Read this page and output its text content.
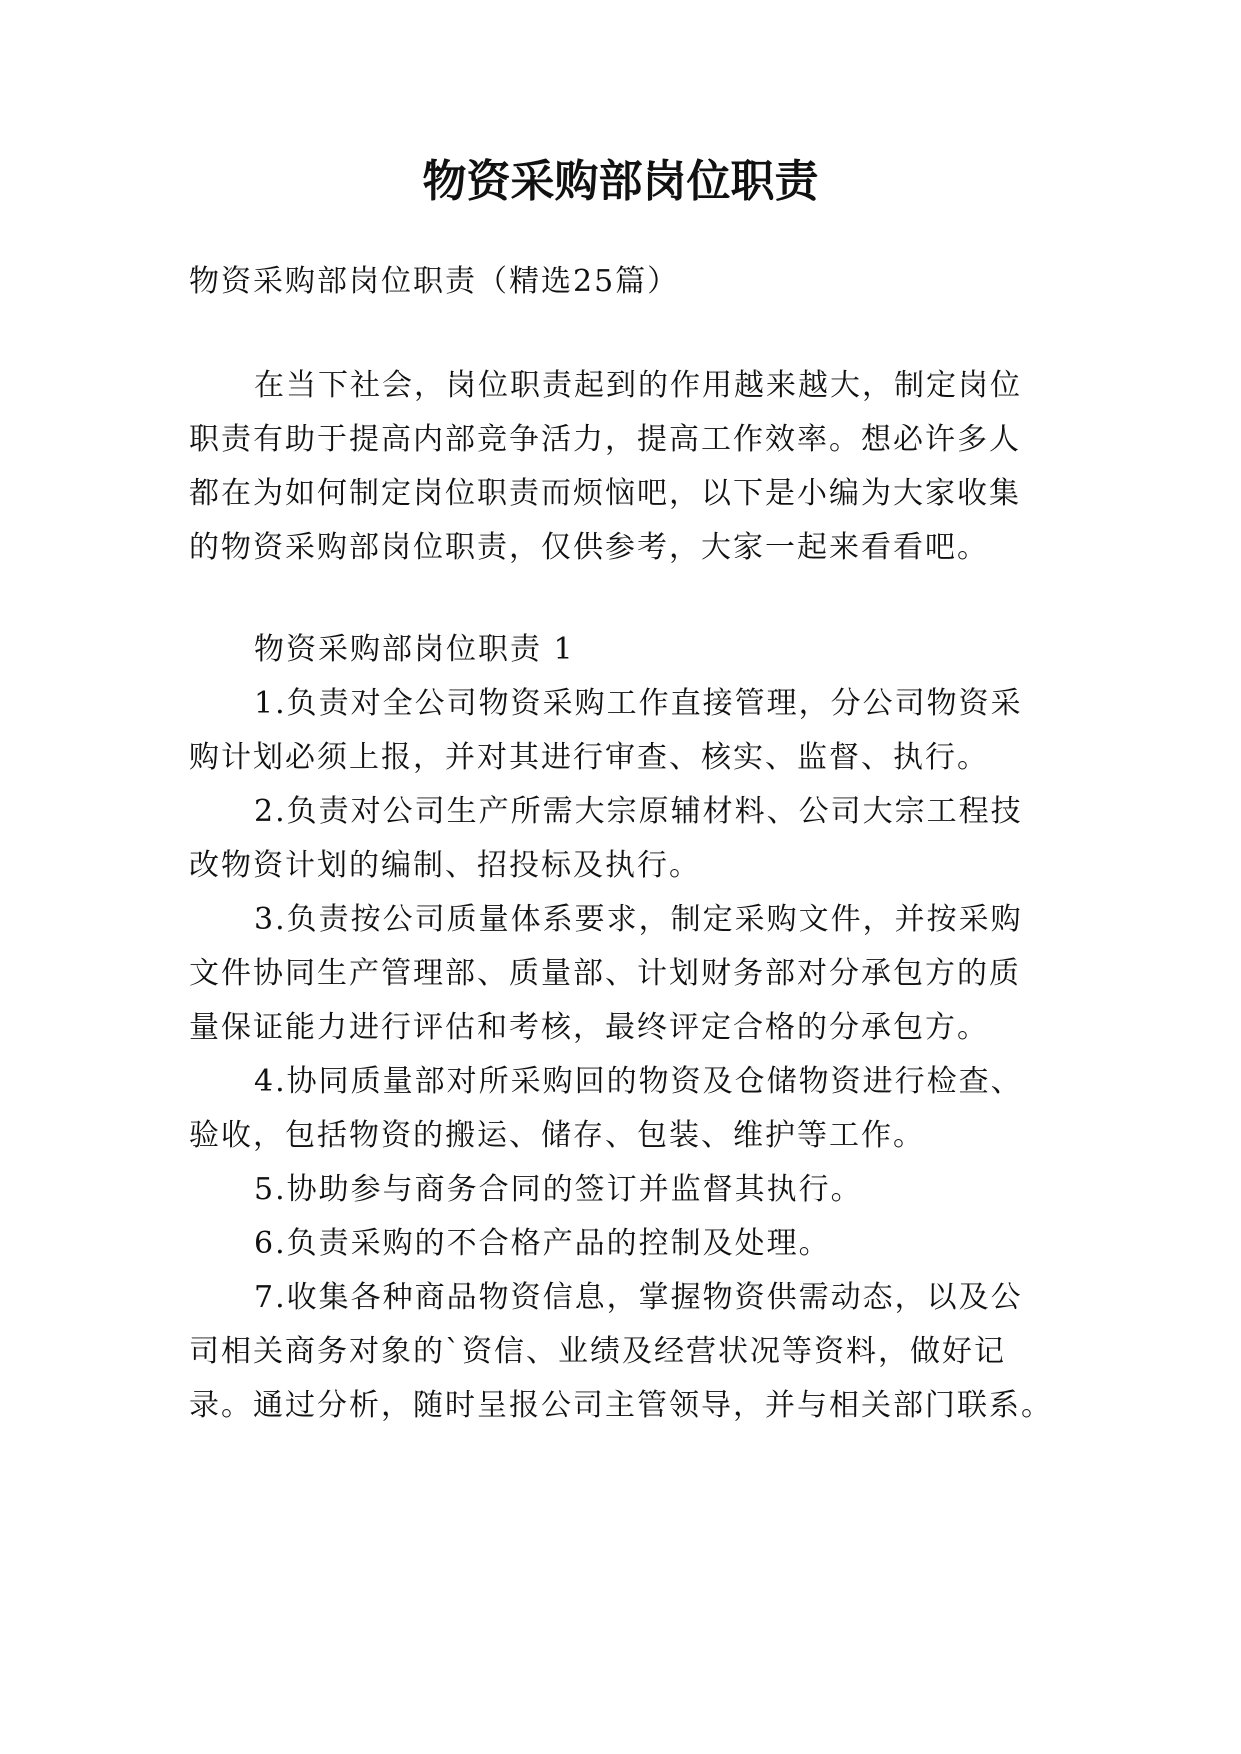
物资采购部岗位职责
物资采购部岗位职责（精选25篇）
在当下社会，岗位职责起到的作用越来越大，制定岗位
职责有助于提高内部竞争活力，提高工作效率。想必许多人
都在为如何制定岗位职责而烦恼吧，以下是小编为大家收集
的物资采购部岗位职责，仅供参考，大家一起来看看吧。
物资采购部岗位职责 1
1.负责对全公司物资采购工作直接管理，分公司物资采
购计划必须上报，并对其进行审查、核实、监督、执行。
2.负责对公司生产所需大宗原辅材料、公司大宗工程技
改物资计划的编制、招投标及执行。
3.负责按公司质量体系要求，制定采购文件，并按采购
文件协同生产管理部、质量部、计划财务部对分承包方的质
量保证能力进行评估和考核，最终评定合格的分承包方。
4.协同质量部对所采购回的物资及仓储物资进行检查、
验收，包括物资的搬运、储存、包装、维护等工作。
5.协助参与商务合同的签订并监督其执行。
6.负责采购的不合格产品的控制及处理。
7.收集各种商品物资信息，掌握物资供需动态，以及公
司相关商务对象的`资信、业绩及经营状况等资料，做好记
录。通过分析，随时呈报公司主管领导，并与相关部门联系。
